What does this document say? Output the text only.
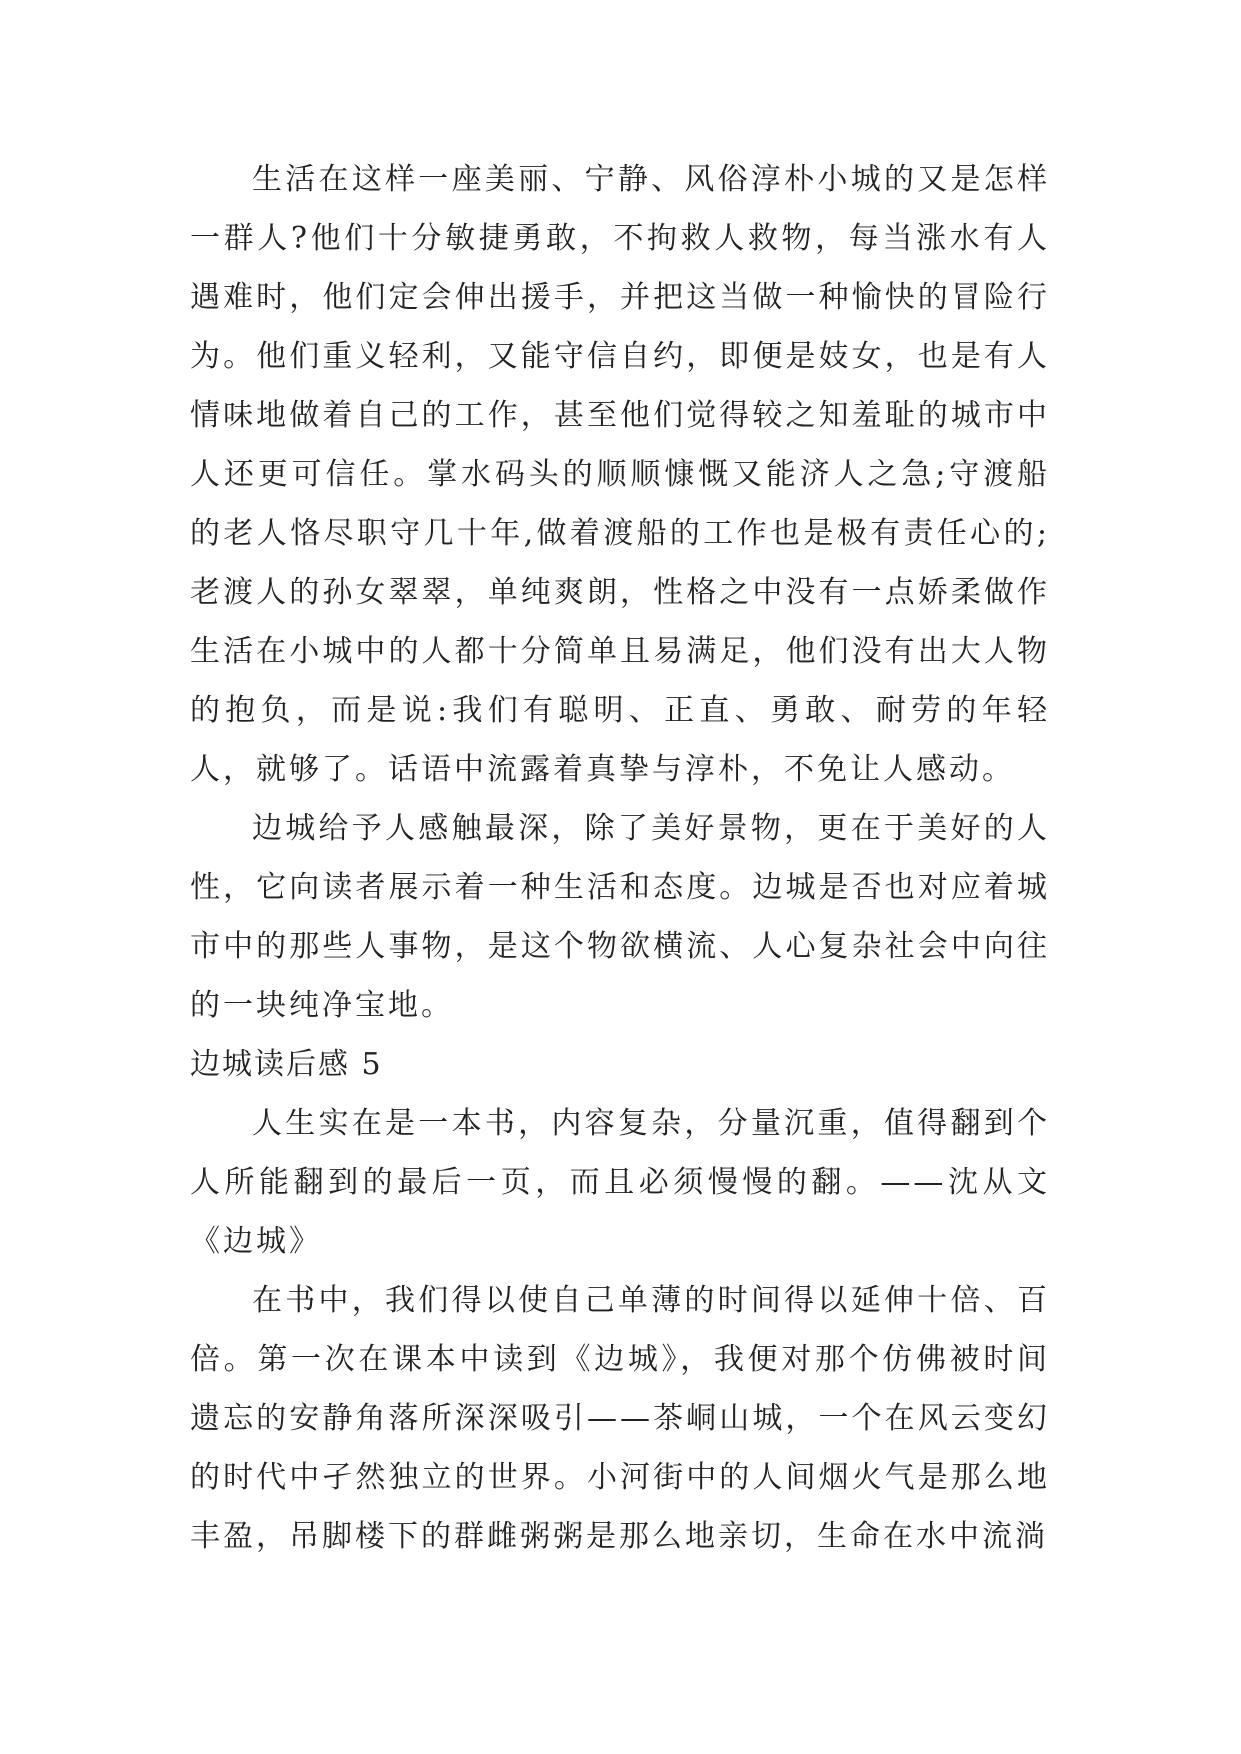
生活在这样一座美丽、宁静、风俗淳朴小城的又是怎样一群人?他们十分敏捷勇敢，不拘救人救物，每当涨水有人遇难时，他们定会伸出援手，并把这当做一种愉快的冒险行为。他们重义轻利，又能守信自约，即便是妓女，也是有人情味地做着自己的工作，甚至他们觉得较之知羞耻的城市中人还更可信任。掌水码头的顺顺慷慨又能济人之急;守渡船的老人恪尽职守几十年,做着渡船的工作也是极有责任心的;老渡人的孙女翠翠，单纯爽朗，性格之中没有一点娇柔做作生活在小城中的人都十分简单且易满足，他们没有出大人物的抱负，而是说:我们有聪明、正直、勇敢、耐劳的年轻人，就够了。话语中流露着真挚与淳朴，不免让人感动。

边城给予人感触最深，除了美好景物，更在于美好的人性，它向读者展示着一种生活和态度。边城是否也对应着城市中的那些人事物，是这个物欲横流、人心复杂社会中向往的一块纯净宝地。

边城读后感 5

人生实在是一本书，内容复杂，分量沉重，值得翻到个人所能翻到的最后一页，而且必须慢慢的翻。——沈从文《边城》

在书中，我们得以使自己单薄的时间得以延伸十倍、百倍。第一次在课本中读到《边城》，我便对那个仿佛被时间遗忘的安静角落所深深吸引——茶峒山城，一个在风云变幻的时代中孑然独立的世界。小河街中的人间烟火气是那么地丰盈，吊脚楼下的群雌粥粥是那么地亲切，生命在水中流淌
